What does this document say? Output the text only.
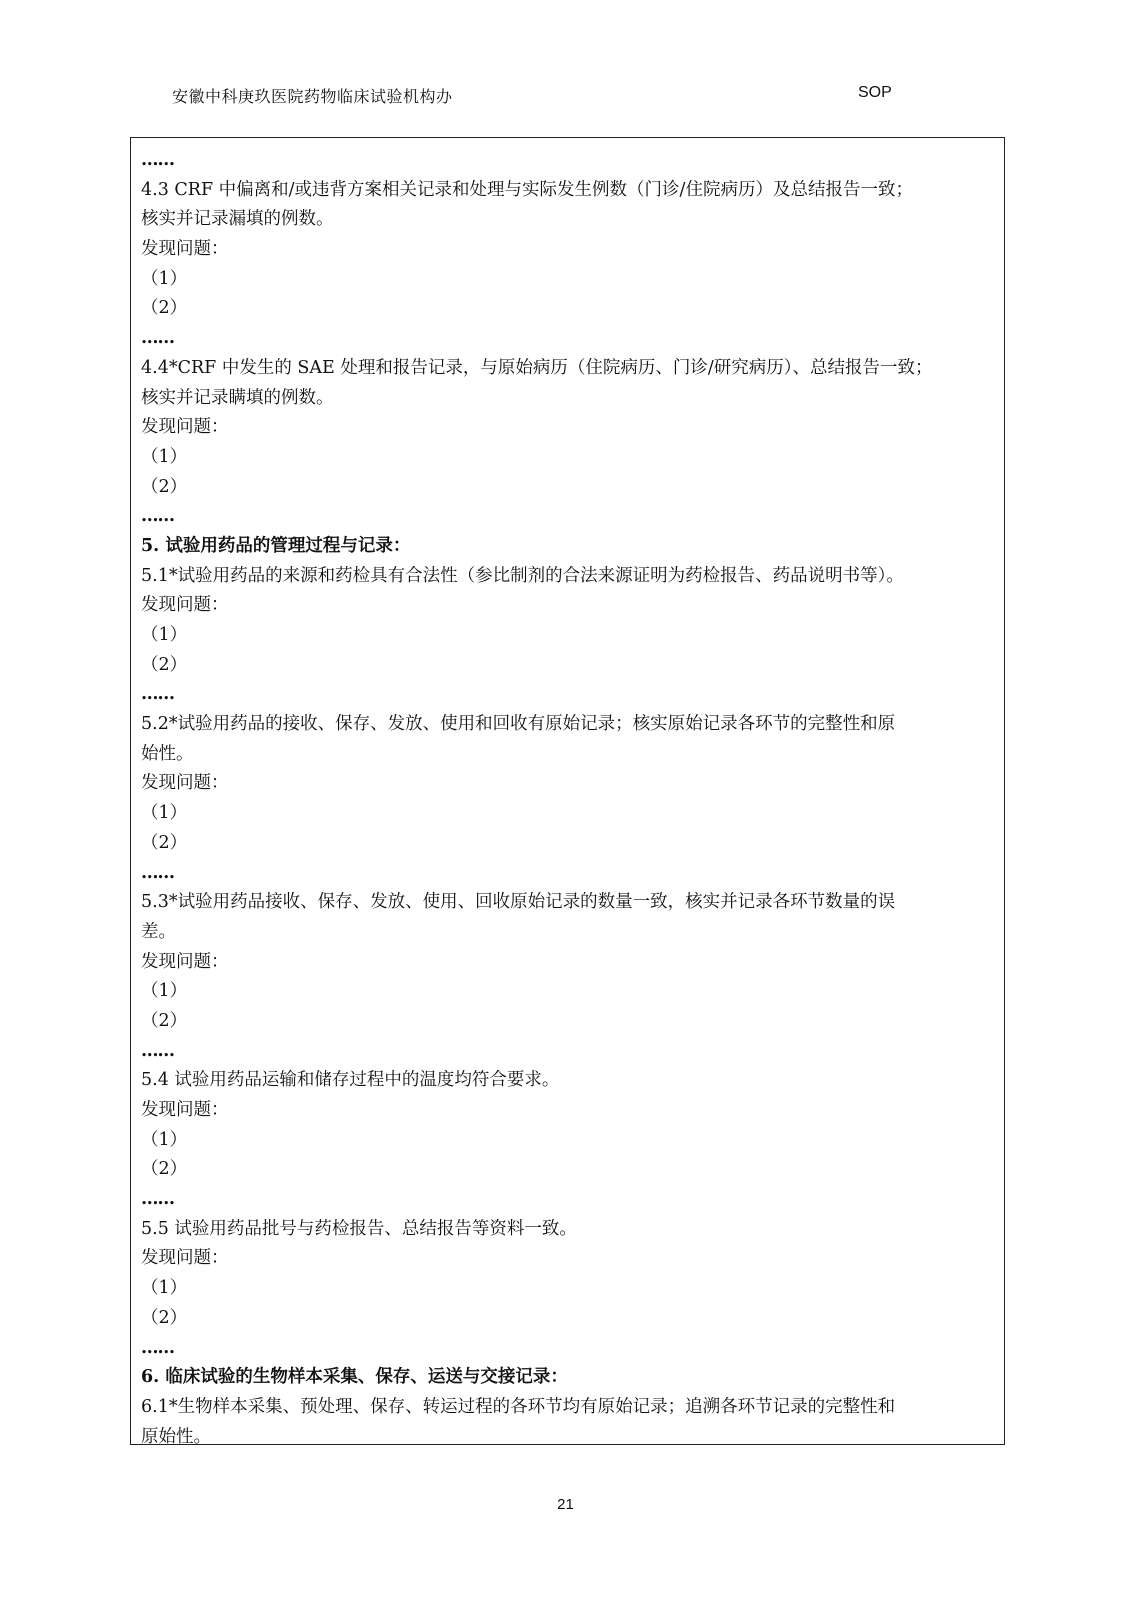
安徽中科庚玖医院药物临床试验机构办	SOP
……
4.3 CRF 中偏离和/或违背方案相关记录和处理与实际发生例数（门诊/住院病历）及总结报告一致；
核实并记录漏填的例数。
发现问题：
（1）
（2）
……
4.4*CRF 中发生的 SAE 处理和报告记录，与原始病历（住院病历、门诊/研究病历）、总结报告一致；
核实并记录瞒填的例数。
发现问题：
（1）
（2）
……
5. 试验用药品的管理过程与记录：
5.1*试验用药品的来源和药检具有合法性（参比制剂的合法来源证明为药检报告、药品说明书等）。
发现问题：
（1）
（2）
……
5.2*试验用药品的接收、保存、发放、使用和回收有原始记录；核实原始记录各环节的完整性和原
始性。
发现问题：
（1）
（2）
……
5.3*试验用药品接收、保存、发放、使用、回收原始记录的数量一致，核实并记录各环节数量的误
差。
发现问题：
（1）
（2）
……
5.4 试验用药品运输和储存过程中的温度均符合要求。
发现问题：
（1）
（2）
……
5.5 试验用药品批号与药检报告、总结报告等资料一致。
发现问题：
（1）
（2）
……
6. 临床试验的生物样本采集、保存、运送与交接记录：
6.1*生物样本采集、预处理、保存、转运过程的各环节均有原始记录；追溯各环节记录的完整性和
原始性。
21
